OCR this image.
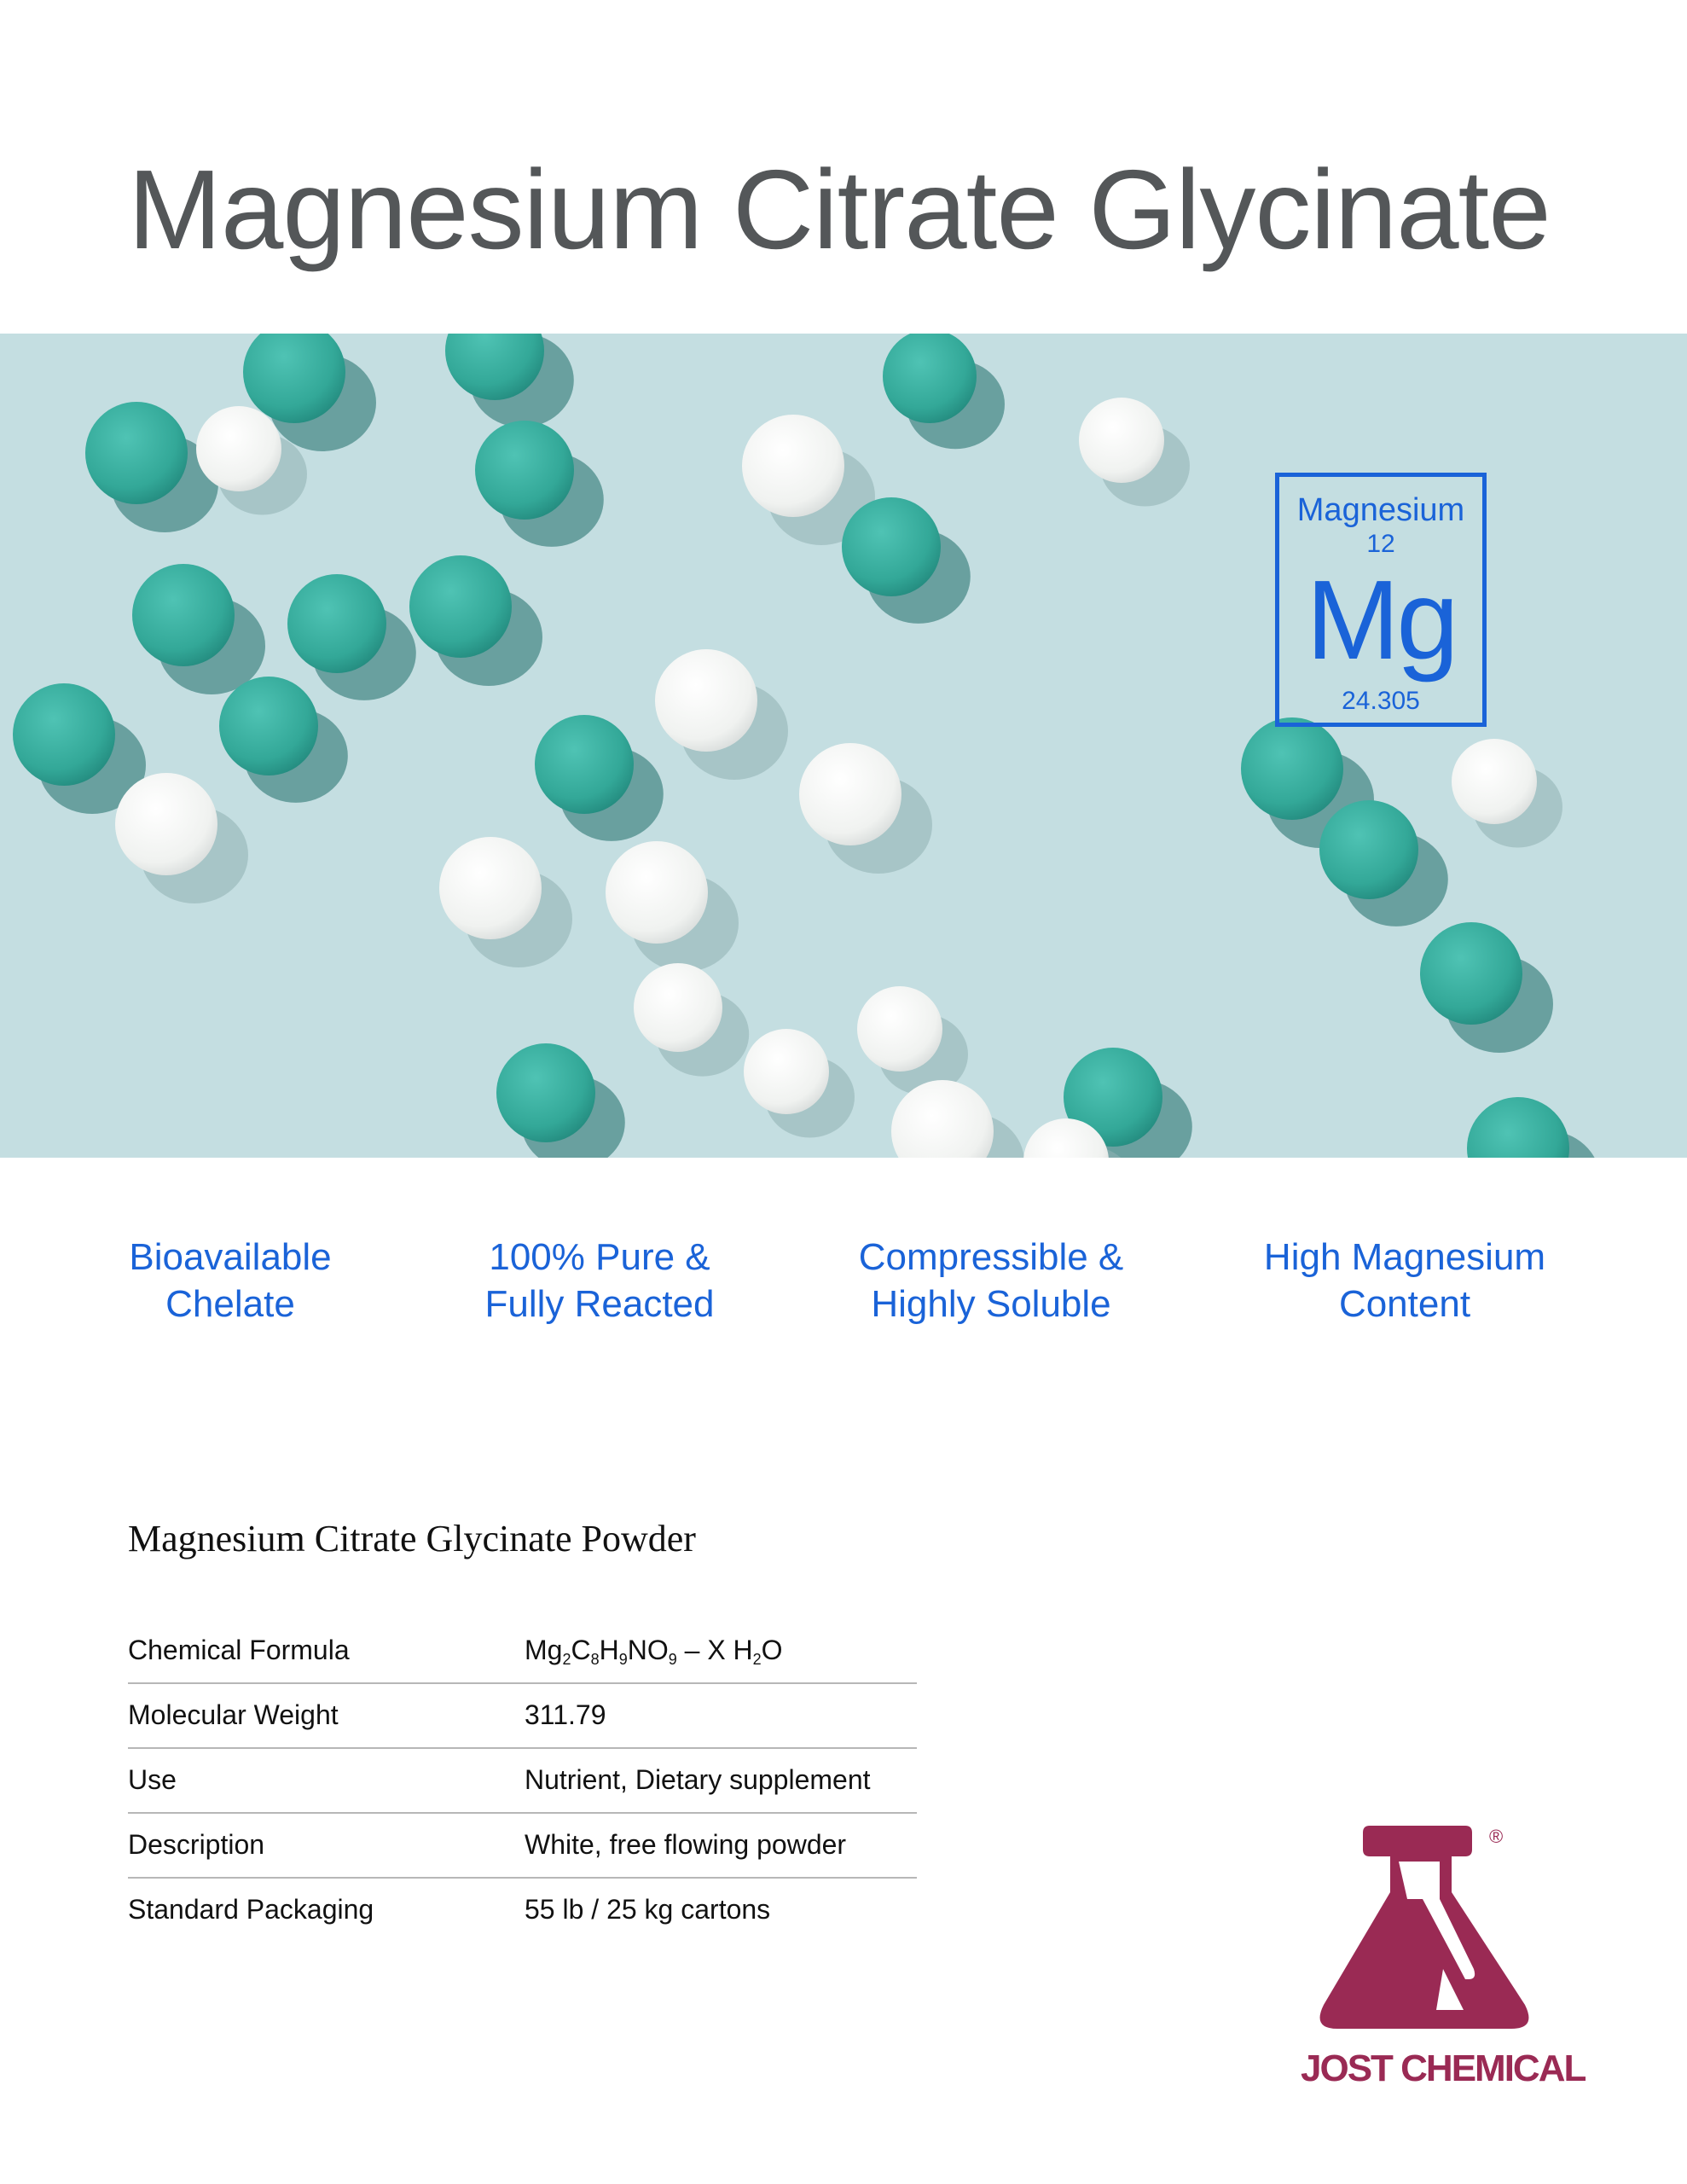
Magnesium Citrate Glycinate
Magnesium
12
Mg
24.305
Bioavailable
Chelate
100% Pure &
Fully Reacted
Compressible &
Highly Soluble
High Magnesium
Content
Magnesium Citrate Glycinate Powder
Chemical Formula	$Mg_2C_8H_9NO_9$ – X $H_2O$
Molecular Weight	311.79
Use	Nutrient, Dietary supplement
Description	White, free flowing powder
Standard Packaging	55 lb / 25 kg cartons
®
JOST CHEMICAL
